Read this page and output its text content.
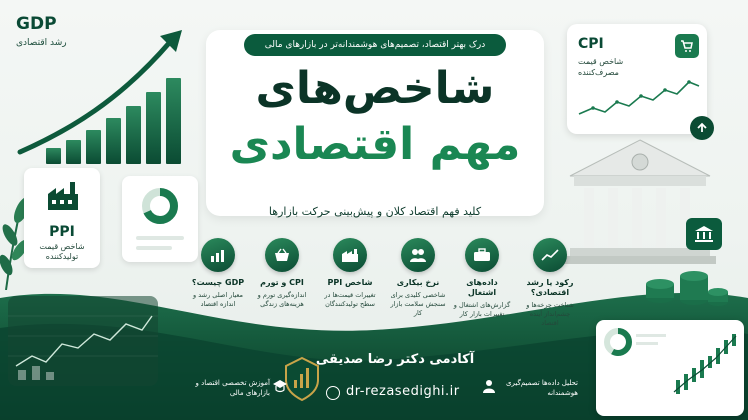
GDP
رشد اقتصادی
PPI
شاخص قیمت تولیدکننده
درک بهتر اقتصاد، تصمیم‌های هوشمندانه‌تر در بازارهای مالی
شاخص‌های
مهم اقتصادی
کلید فهم اقتصاد کلان و پیش‌بینی حرکت بازارها
CPI
شاخص قیمت مصرف‌کننده
رکود یا رشد اقتصادی؟
شناخت چرخه‌ها و چشم‌انداز آینده اقتصاد
داده‌های اشتغال
گزارش‌های اشتغال و تغییرات بازار کار
نرخ بیکاری
شاخصی کلیدی برای سنجش سلامت بازار کار
شاخص PPI
تغییرات قیمت‌ها در سطح تولیدکنندگان
CPI و تورم
اندازه‌گیری تورم و هزینه‌های زندگی
GDP چیست؟
معیار اصلی رشد و اندازه اقتصاد
آکادمی دکتر رضا صدیقی
dr-rezasedighi.ir
آموزش تخصصی اقتصاد و بازارهای مالی
تحلیل داده‌ها تصمیم‌گیری هوشمندانه
